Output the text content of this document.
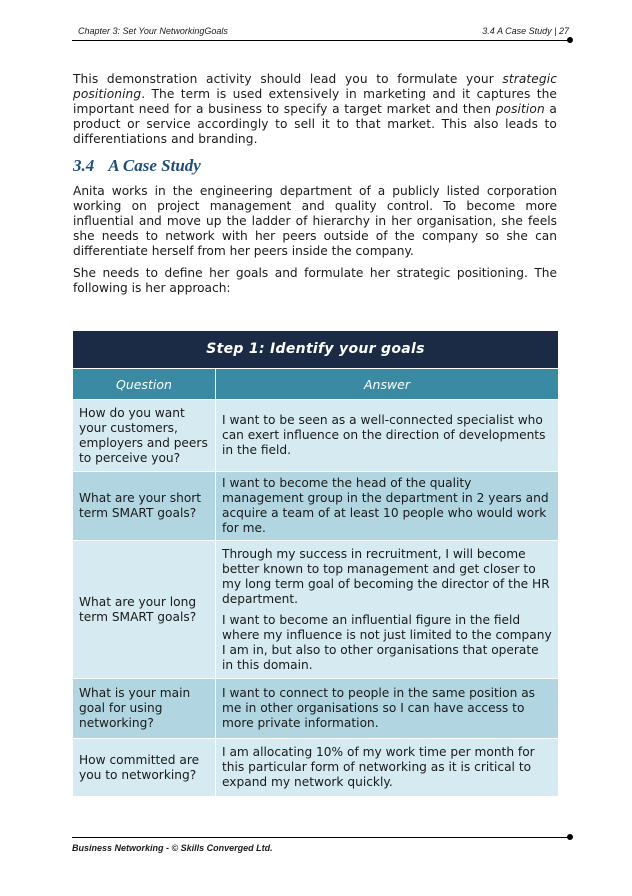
Chapter 3: Set Your NetworkingGoals	3.4 A Case Study | 27

This demonstration activity should lead you to formulate your strategic positioning. The term is used extensively in marketing and it captures the important need for a business to specify a target market and then position a product or service accordingly to sell it to that market. This also leads to differentiations and branding.

3.4 A Case Study

Anita works in the engineering department of a publicly listed corporation working on project management and quality control. To become more influential and move up the ladder of hierarchy in her organisation, she feels she needs to network with her peers outside of the company so she can differentiate herself from her peers inside the company.

She needs to define her goals and formulate her strategic positioning. The following is her approach:

Step 1: Identify your goals	
Question	Answer
How do you want your customers, employers and peers to perceive you?	I want to be seen as a well-connected specialist who can exert influence on the direction of developments in the field.

What are your short term SMART goals?	I want to become the head of the quality management group in the department in 2 years and acquire a team of at least 10 people who would work for me.

What are your long term SMART goals?	Through my success in recruitment, I will become better known to top management and get closer to my long term goal of becoming the director of the HR department.

I want to become an influential figure in the field where my influence is not just limited to the company I am in, but also to other organisations that operate in this domain.

What is your main goal for using networking?	I want to connect to people in the same position as me in other organisations so I can have access to more private information.

How committed are you to networking?	I am allocating 10% of my work time per month for this particular form of networking as it is critical to expand my network quickly.

Business Networking - © Skills Converged Ltd.
